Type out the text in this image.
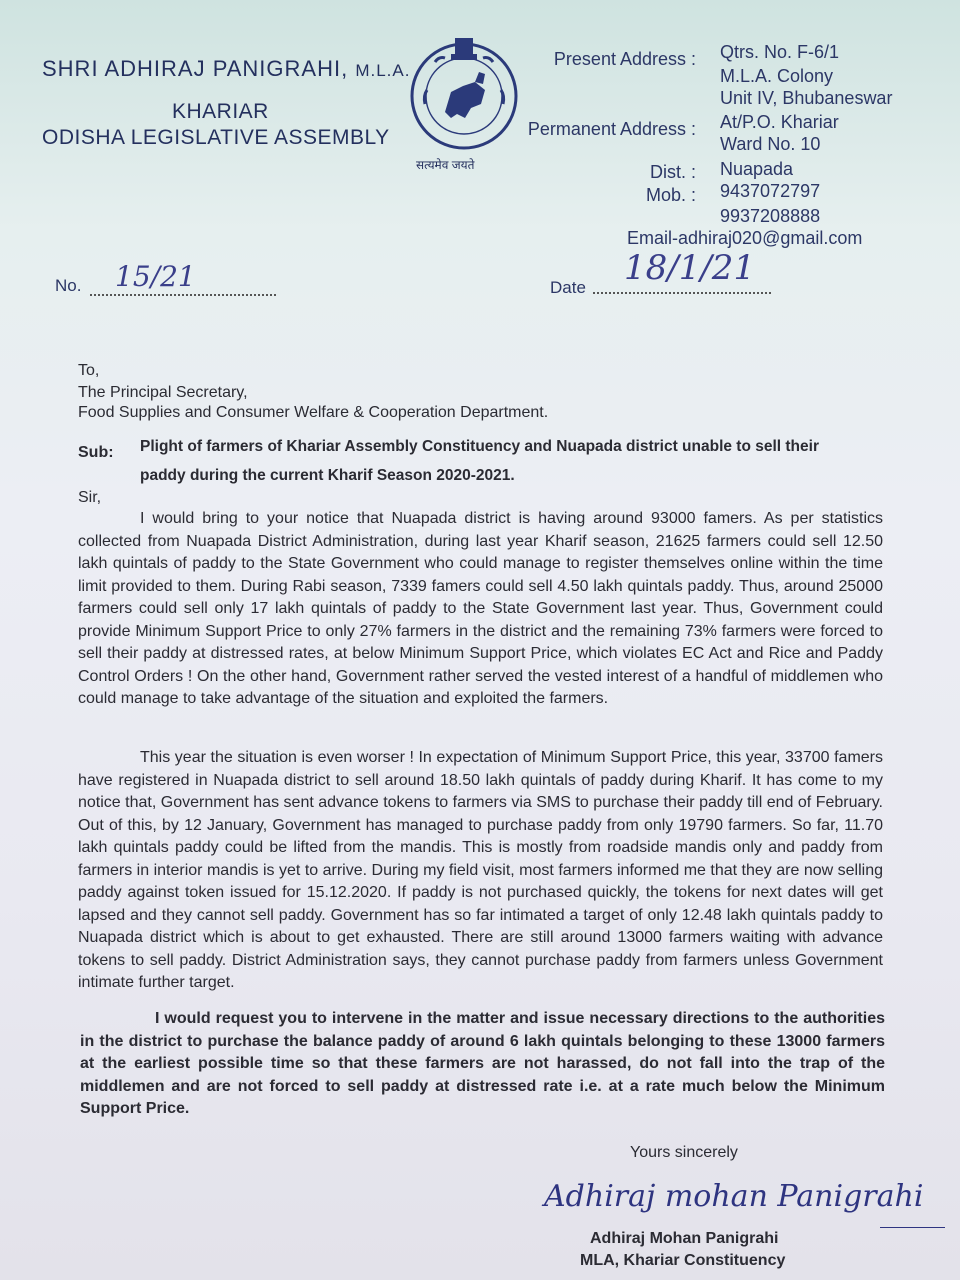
SHRI ADHIRAJ PANIGRAHI, M.L.A.
KHARIAR
ODISHA LEGISLATIVE ASSEMBLY
सत्यमेव जयते
Present Address : Qtrs. No. F-6/1
M.L.A. Colony
Unit IV, Bhubaneswar
Permanent Address : At/P.O. Khariar
Ward No. 10
Dist. : Nuapada
Mob. : 9437072797
9937208888
Email-adhiraj020@gmail.com
No. 15/21	Date 18/1/21
To,
The Principal Secretary,
Food Supplies and Consumer Welfare & Cooperation Department.
Sub: Plight of farmers of Khariar Assembly Constituency and Nuapada district unable to sell their
paddy during the current Kharif Season 2020-2021.
Sir,
I would bring to your notice that Nuapada district is having around 93000 famers. As per statistics collected from Nuapada District Administration, during last year Kharif season, 21625 farmers could sell 12.50 lakh quintals of paddy to the State Government who could manage to register themselves online within the time limit provided to them. During Rabi season, 7339 famers could sell 4.50 lakh quintals paddy. Thus, around 25000 farmers could sell only 17 lakh quintals of paddy to the State Government last year. Thus, Government could provide Minimum Support Price to only 27% farmers in the district and the remaining 73% farmers were forced to sell their paddy at distressed rates, at below Minimum Support Price, which violates EC Act and Rice and Paddy Control Orders ! On the other hand, Government rather served the vested interest of a handful of middlemen who could manage to take advantage of the situation and exploited the farmers.
This year the situation is even worser ! In expectation of Minimum Support Price, this year, 33700 famers have registered in Nuapada district to sell around 18.50 lakh quintals of paddy during Kharif. It has come to my notice that, Government has sent advance tokens to farmers via SMS to purchase their paddy till end of February. Out of this, by 12 January, Government has managed to purchase paddy from only 19790 farmers. So far, 11.70 lakh quintals paddy could be lifted from the mandis. This is mostly from roadside mandis only and paddy from farmers in interior mandis is yet to arrive. During my field visit, most farmers informed me that they are now selling paddy against token issued for 15.12.2020. If paddy is not purchased quickly, the tokens for next dates will get lapsed and they cannot sell paddy. Government has so far intimated a target of only 12.48 lakh quintals paddy to Nuapada district which is about to get exhausted. There are still around 13000 farmers waiting with advance tokens to sell paddy. District Administration says, they cannot purchase paddy from farmers unless Government intimate further target.
I would request you to intervene in the matter and issue necessary directions to the authorities in the district to purchase the balance paddy of around 6 lakh quintals belonging to these 13000 farmers at the earliest possible time so that these farmers are not harassed, do not fall into the trap of the middlemen and are not forced to sell paddy at distressed rate i.e. at a rate much below the Minimum Support Price.
Yours sincerely
Adhiraj mohan Panigrahi
Adhiraj Mohan Panigrahi
MLA, Khariar Constituency
